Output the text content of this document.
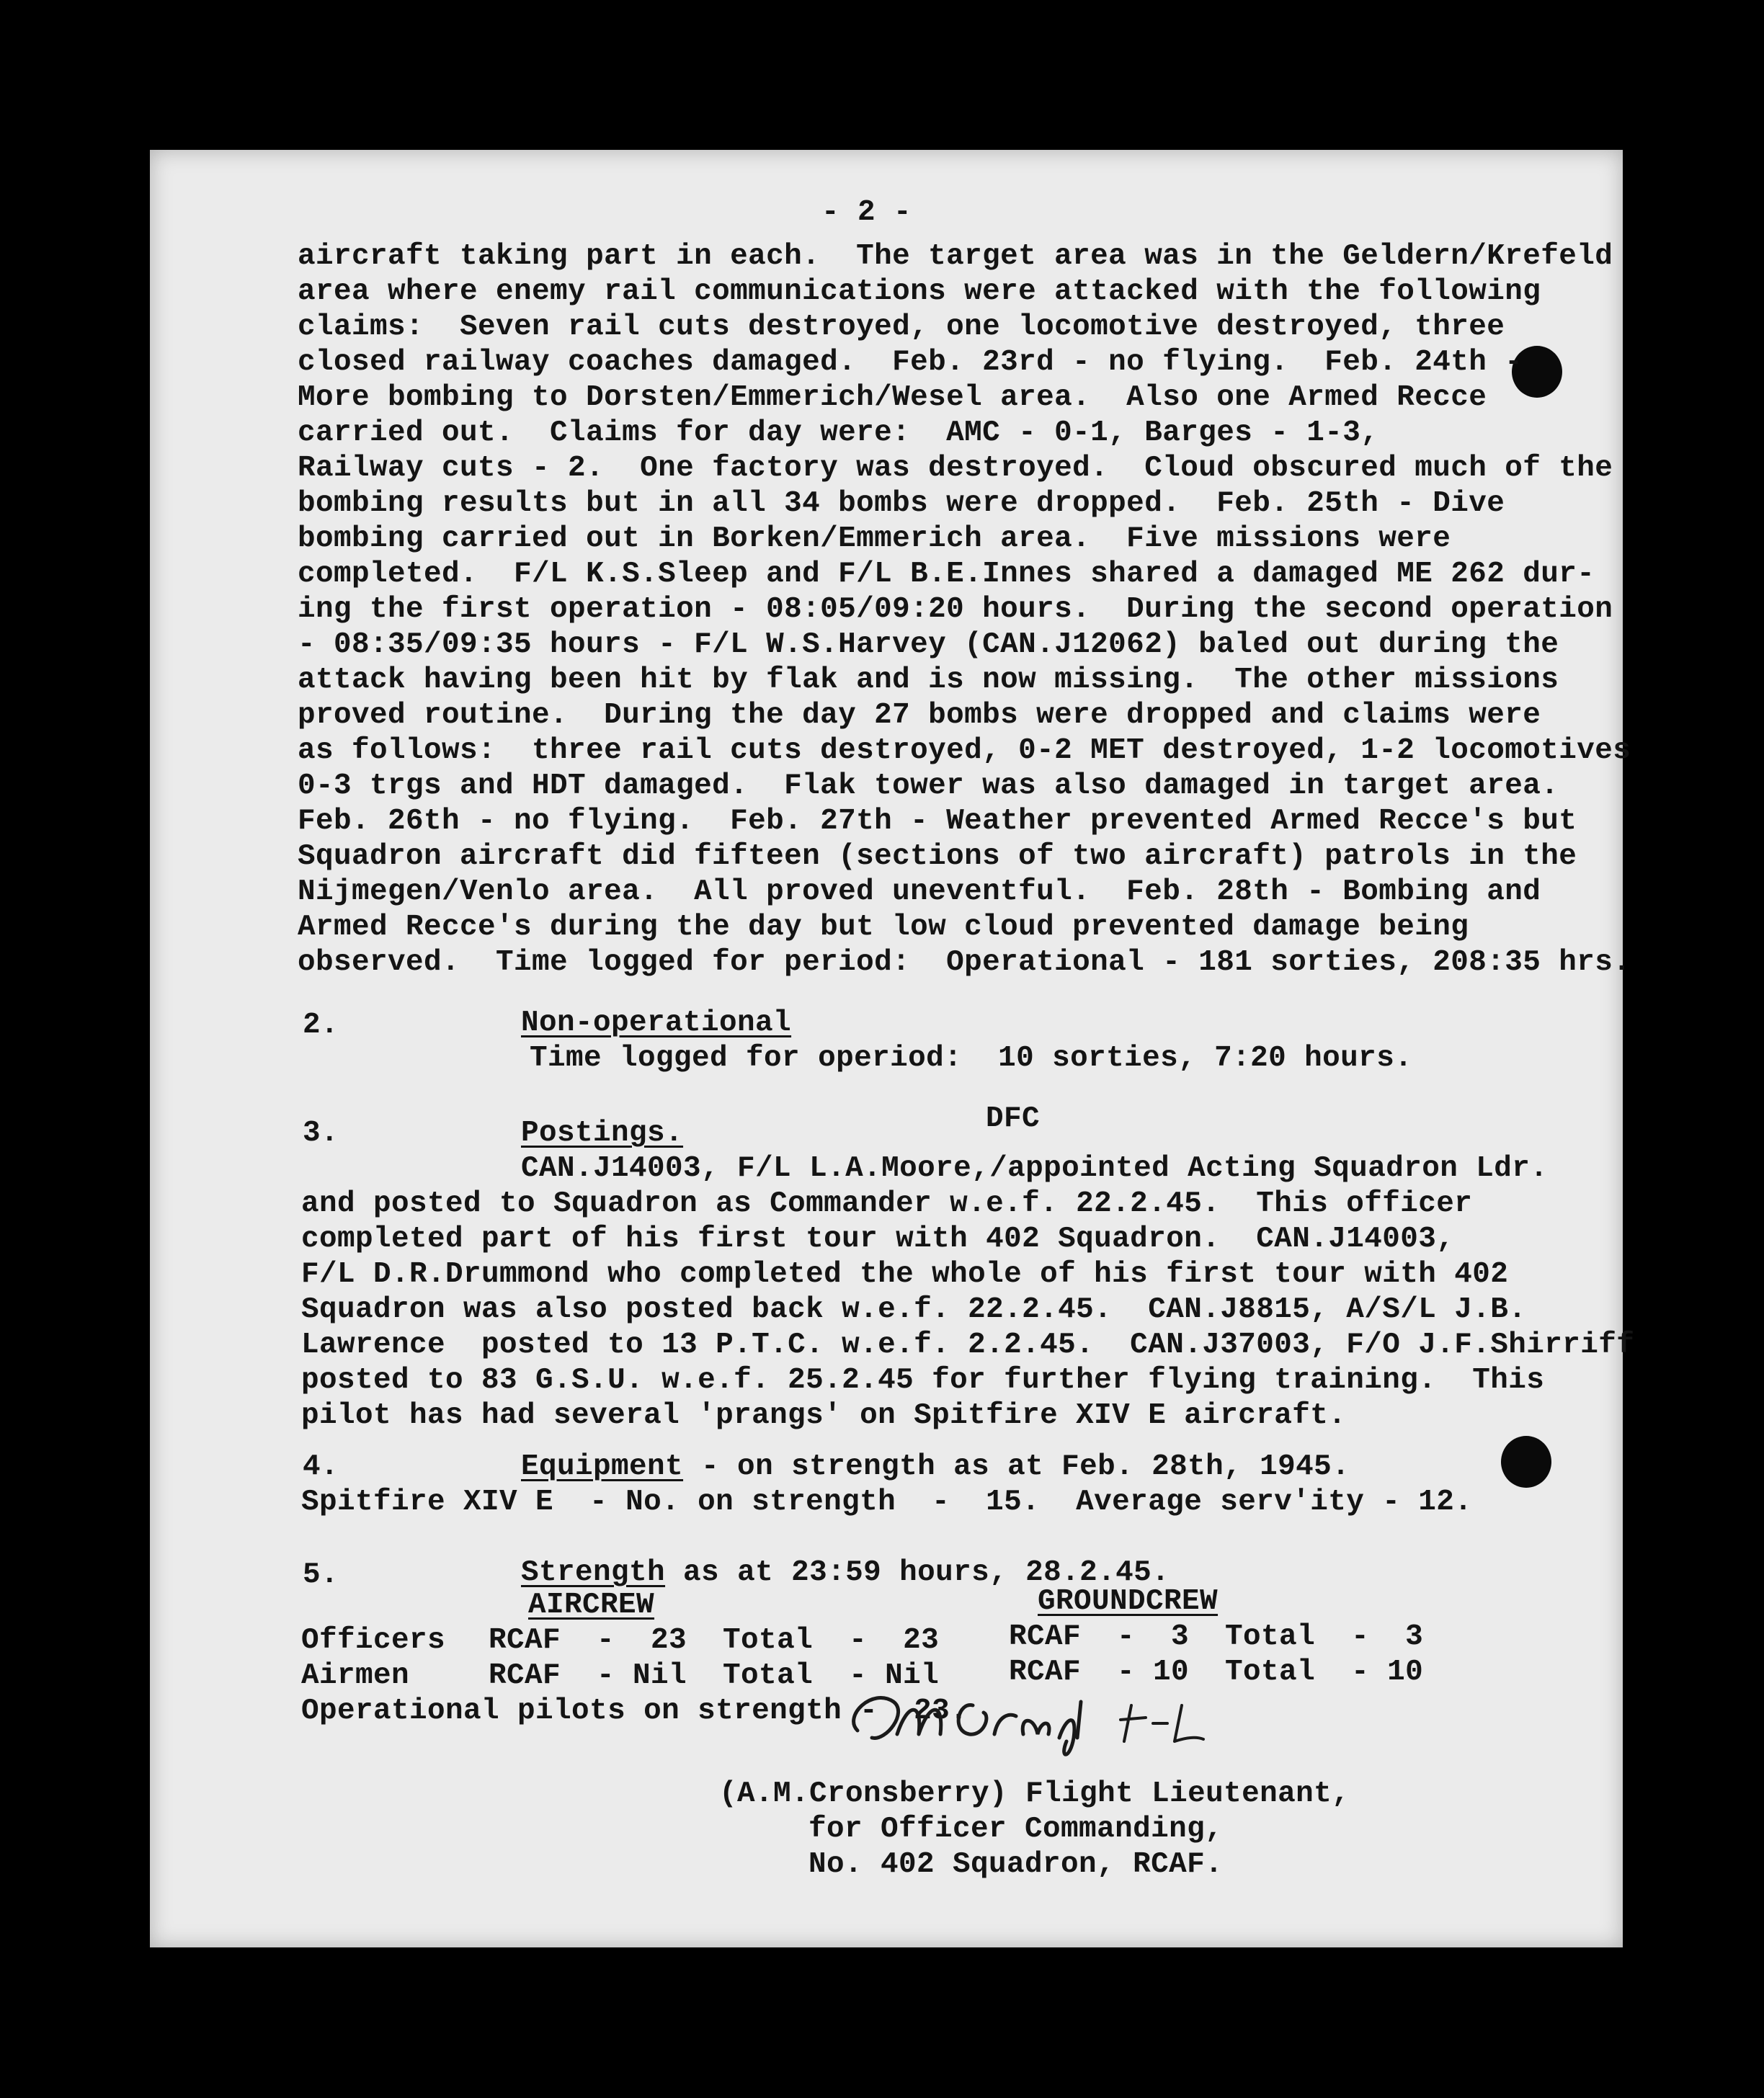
- 2 -
aircraft taking part in each.  The target area was in the Geldern/Krefeld
area where enemy rail communications were attacked with the following
claims:  Seven rail cuts destroyed, one locomotive destroyed, three
closed railway coaches damaged.  Feb. 23rd - no flying.  Feb. 24th -
More bombing to Dorsten/Emmerich/Wesel area.  Also one Armed Recce
carried out.  Claims for day were:  AMC - 0-1, Barges - 1-3,
Railway cuts - 2.  One factory was destroyed.  Cloud obscured much of the
bombing results but in all 34 bombs were dropped.  Feb. 25th - Dive
bombing carried out in Borken/Emmerich area.  Five missions were
completed.  F/L K.S.Sleep and F/L B.E.Innes shared a damaged ME 262 dur-
ing the first operation - 08:05/09:20 hours.  During the second operation
- 08:35/09:35 hours - F/L W.S.Harvey (CAN.J12062) baled out during the
attack having been hit by flak and is now missing.  The other missions
proved routine.  During the day 27 bombs were dropped and claims were
as follows:  three rail cuts destroyed, 0-2 MET destroyed, 1-2 locomotives
0-3 trgs and HDT damaged.  Flak tower was also damaged in target area.
Feb. 26th - no flying.  Feb. 27th - Weather prevented Armed Recce's but
Squadron aircraft did fifteen (sections of two aircraft) patrols in the
Nijmegen/Venlo area.  All proved uneventful.  Feb. 28th - Bombing and
Armed Recce's during the day but low cloud prevented damage being
observed.  Time logged for period:  Operational - 181 sorties, 208:35 hrs.
2.	Non-operational
Time logged for operiod:  10 sorties, 7:20 hours.
3.	Postings.	DFC
CAN.J14003, F/L L.A.Moore,/appointed Acting Squadron Ldr.
and posted to Squadron as Commander w.e.f. 22.2.45.  This officer
completed part of his first tour with 402 Squadron.  CAN.J14003,
F/L D.R.Drummond who completed the whole of his first tour with 402
Squadron was also posted back w.e.f. 22.2.45.  CAN.J8815, A/S/L J.B.
Lawrence  posted to 13 P.T.C. w.e.f. 2.2.45.  CAN.J37003, F/O J.F.Shirriff
posted to 83 G.S.U. w.e.f. 25.2.45 for further flying training.  This
pilot has had several 'prangs' on Spitfire XIV E aircraft.
4.	Equipment - on strength as at Feb. 28th, 1945.
Spitfire XIV E  - No. on strength  -  15.  Average serv'ity - 12.
5.	Strength as at 23:59 hours, 28.2.45.
AIRCREW	GROUNDCREW
Officers RCAF  -  23  Total  -  23 RCAF  -  3  Total  -  3
Airmen	RCAF  - Nil  Total  - Nil RCAF  - 10  Total  - 10
Operational pilots on strength -  23.
(A.M.Cronsberry) Flight Lieutenant,
for Officer Commanding,
No. 402 Squadron, RCAF.
